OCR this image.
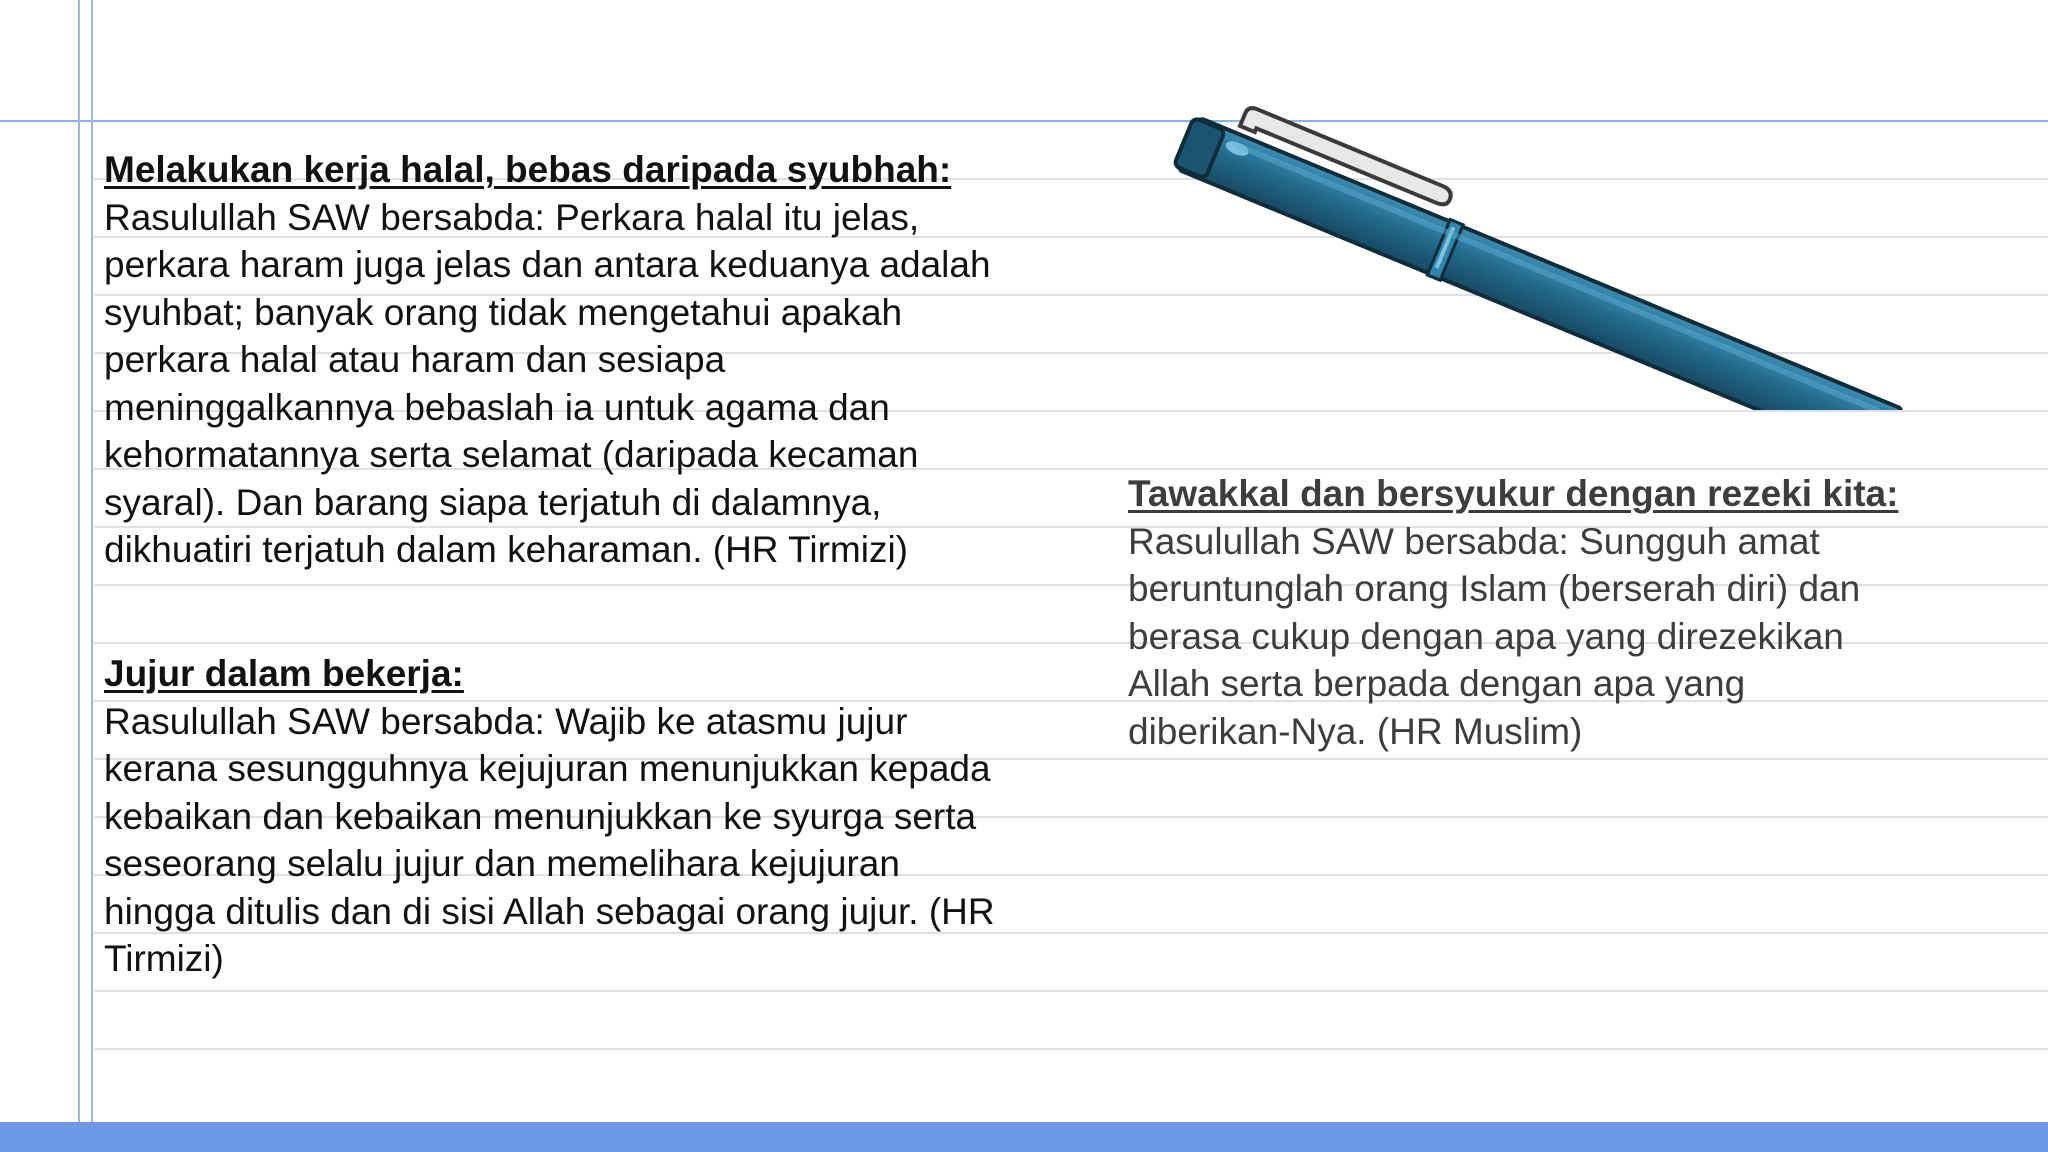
Melakukan kerja halal, bebas daripada syubhah:

Rasulullah SAW bersabda: Perkara halal itu jelas,
perkara haram juga jelas dan antara keduanya adalah
syuhbat; banyak orang tidak mengetahui apakah
perkara halal atau haram dan sesiapa
meninggalkannya bebaslah ia untuk agama dan
kehormatannya serta selamat (daripada kecaman
syaral). Dan barang siapa terjatuh di dalamnya,
dikhuatiri terjatuh dalam keharaman. (HR Tirmizi)

Jujur dalam bekerja:

Rasulullah SAW bersabda: Wajib ke atasmu jujur
kerana sesungguhnya kejujuran menunjukkan kepada
kebaikan dan kebaikan menunjukkan ke syurga serta
seseorang selalu jujur dan memelihara kejujuran
hingga ditulis dan di sisi Allah sebagai orang jujur. (HR
Tirmizi)

Tawakkal dan bersyukur dengan rezeki kita:

Rasulullah SAW bersabda: Sungguh amat
beruntunglah orang Islam (berserah diri) dan
berasa cukup dengan apa yang direzekikan
Allah serta berpada dengan apa yang
diberikan-Nya. (HR Muslim)
